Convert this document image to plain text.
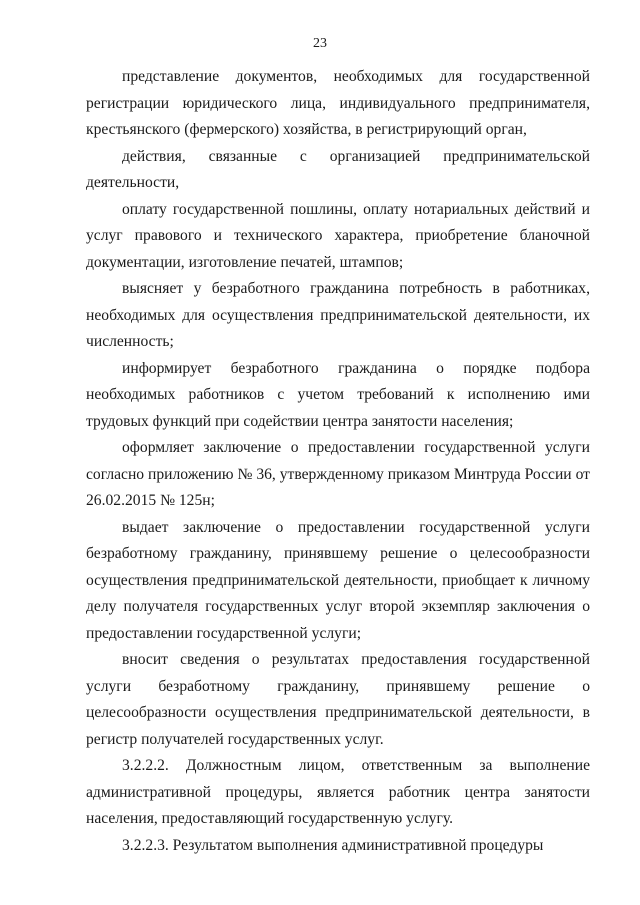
23

представление документов, необходимых для государственной регистрации юридического лица, индивидуального предпринимателя, крестьянского (фермерского) хозяйства, в регистрирующий орган,

действия, связанные с организацией предпринимательской деятельности,

оплату государственной пошлины, оплату нотариальных действий и услуг правового и технического характера, приобретение бланочной документации, изготовление печатей, штампов;

выясняет у безработного гражданина потребность в работниках, необходимых для осуществления предпринимательской деятельности, их численность;

информирует безработного гражданина о порядке подбора необходимых работников с учетом требований к исполнению ими трудовых функций при содействии центра занятости населения;

оформляет заключение о предоставлении государственной услуги согласно приложению № 36, утвержденному приказом Минтруда России от 26.02.2015 № 125н;

выдает заключение о предоставлении государственной услуги безработному гражданину, принявшему решение о целесообразности осуществления предпринимательской деятельности, приобщает к личному делу получателя государственных услуг второй экземпляр заключения о предоставлении государственной услуги;

вносит сведения о результатах предоставления государственной услуги безработному гражданину, принявшему решение о целесообразности осуществления предпринимательской деятельности, в регистр получателей государственных услуг.

3.2.2.2. Должностным лицом, ответственным за выполнение административной процедуры, является работник центра занятости населения, предоставляющий государственную услугу.

3.2.2.3. Результатом выполнения административной процедуры
